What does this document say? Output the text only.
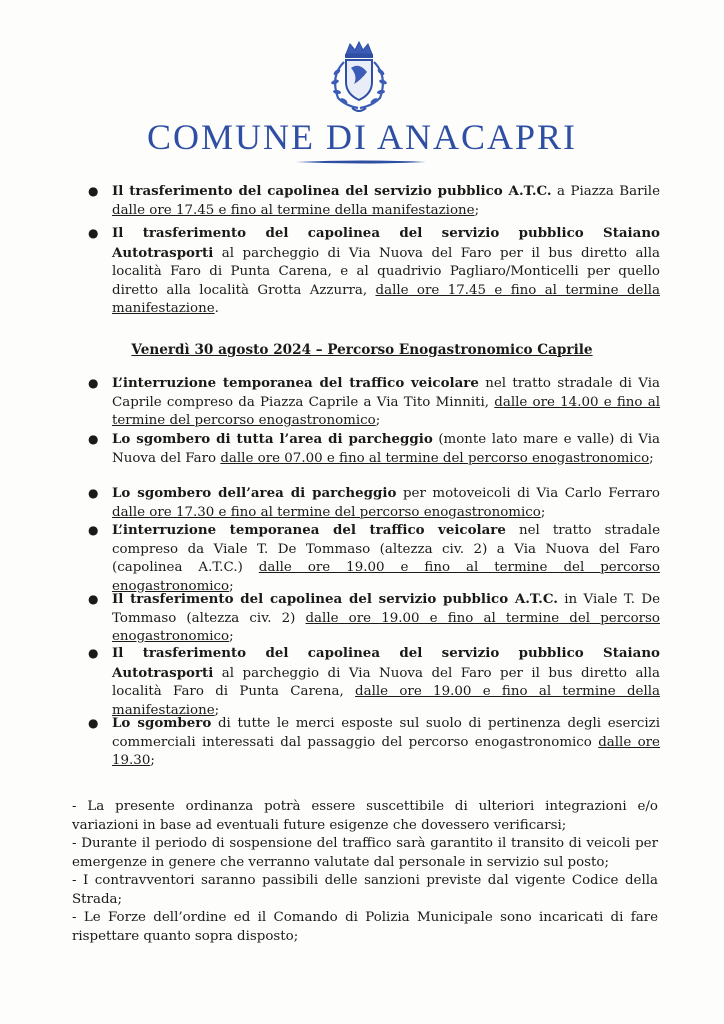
COMUNE DI ANACAPRI
● Il trasferimento del capolinea del servizio pubblico A.T.C. a Piazza Barile dalle ore 17.45 e fino al termine della manifestazione;
● Il trasferimento del capolinea del servizio pubblico Staiano Autotrasporti al parcheggio di Via Nuova del Faro per il bus diretto alla località Faro di Punta Carena, e al quadrivio Pagliaro/Monticelli per quello diretto alla località Grotta Azzurra, dalle ore 17.45 e fino al termine della manifestazione.
Venerdì 30 agosto 2024 – Percorso Enogastronomico Caprile
● L’interruzione temporanea del traffico veicolare nel tratto stradale di Via Caprile compreso da Piazza Caprile a Via Tito Minniti, dalle ore 14.00 e fino al termine del percorso enogastronomico;
● Lo sgombero di tutta l’area di parcheggio (monte lato mare e valle) di Via Nuova del Faro dalle ore 07.00 e fino al termine del percorso enogastronomico;
● Lo sgombero dell’area di parcheggio per motoveicoli di Via Carlo Ferraro dalle ore 17.30 e fino al termine del percorso enogastronomico;
● L’interruzione temporanea del traffico veicolare nel tratto stradale compreso da Viale T. De Tommaso (altezza civ. 2) a Via Nuova del Faro (capolinea A.T.C.) dalle ore 19.00 e fino al termine del percorso enogastronomico;
● Il trasferimento del capolinea del servizio pubblico A.T.C. in Viale T. De Tommaso (altezza civ. 2) dalle ore 19.00 e fino al termine del percorso enogastronomico;
● Il trasferimento del capolinea del servizio pubblico Staiano Autotrasporti al parcheggio di Via Nuova del Faro per il bus diretto alla località Faro di Punta Carena, dalle ore 19.00 e fino al termine della manifestazione;
● Lo sgombero di tutte le merci esposte sul suolo di pertinenza degli esercizi commerciali interessati dal passaggio del percorso enogastronomico dalle ore 19.30;
- La presente ordinanza potrà essere suscettibile di ulteriori integrazioni e/o variazioni in base ad eventuali future esigenze che dovessero verificarsi;
- Durante il periodo di sospensione del traffico sarà garantito il transito di veicoli per emergenze in genere che verranno valutate dal personale in servizio sul posto;
- I contravventori saranno passibili delle sanzioni previste dal vigente Codice della Strada;
- Le Forze dell’ordine ed il Comando di Polizia Municipale sono incaricati di fare rispettare quanto sopra disposto;
